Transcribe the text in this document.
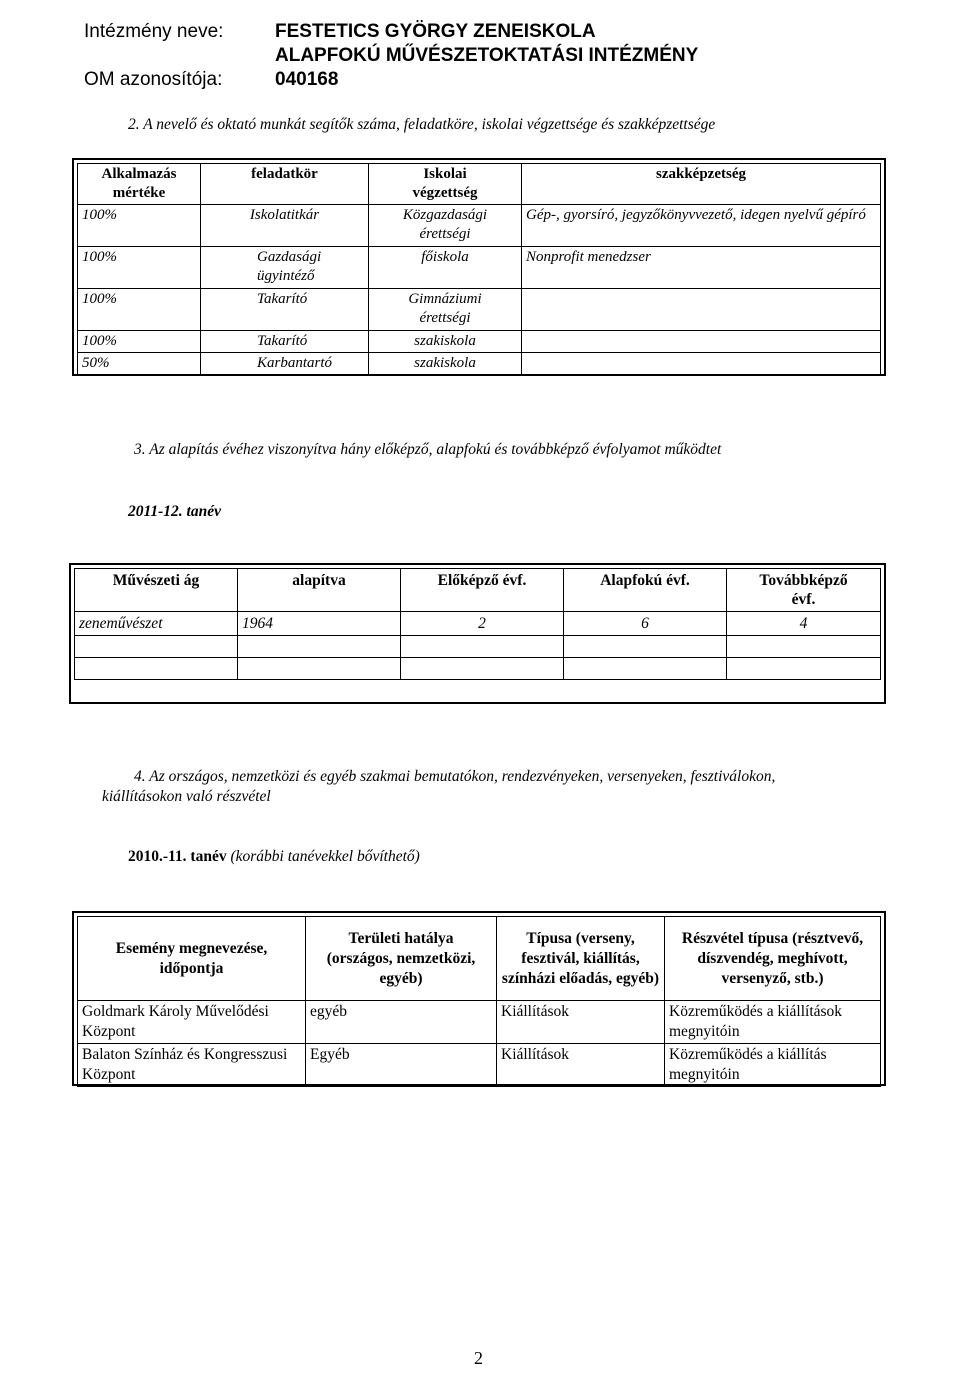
Intézmény neve:	FESTETICS GYÖRGY ZENEISKOLA
ALAPFOKÚ MŰVÉSZETOKTATÁSI INTÉZMÉNY
OM azonosítója:	040168
2. A nevelő és oktató munkát segítők száma, feladatköre, iskolai végzettsége és szakképzettsége
Alkalmazás mértéke	feladatkör	Iskolai végzettség	szakképzetség
100%	Iskolatitkár	Közgazdasági érettségi	Gép-, gyorsíró, jegyzőkönyvvezető, idegen nyelvű gépíró
100%	Gazdasági ügyintéző	főiskola	Nonprofit menedzser
100%	Takarító	Gimnáziumi érettségi	
100%	Takarító	szakiskola	
50%	Karbantartó	szakiskola	
3. Az alapítás évéhez viszonyítva hány előképző, alapfokú és továbbképző évfolyamot működtet
2011-12. tanév
Művészeti ág	alapítva	Előképző évf.	Alapfokú évf.	Továbbképző évf.
zeneművészet	1964	2	6	4

4. Az országos, nemzetközi és egyéb szakmai bemutatókon, rendezvényeken, versenyeken, fesztiválokon,
kiállításokon való részvétel
2010.-11. tanév (korábbi tanévekkel bővíthető)
Esemény megnevezése, időpontja	Területi hatálya (országos, nemzetközi, egyéb)	Típusa (verseny, fesztivál, kiállítás, színházi előadás, egyéb)	Részvétel típusa (résztvevő, díszvendég, meghívott, versenyző, stb.)
Goldmark Károly Művelődési Központ	egyéb	Kiállítások	Közreműködés a kiállítások megnyitóin
Balaton Színház és Kongresszusi Központ	Egyéb	Kiállítások	Közreműködés a kiállítás megnyitóin
2
